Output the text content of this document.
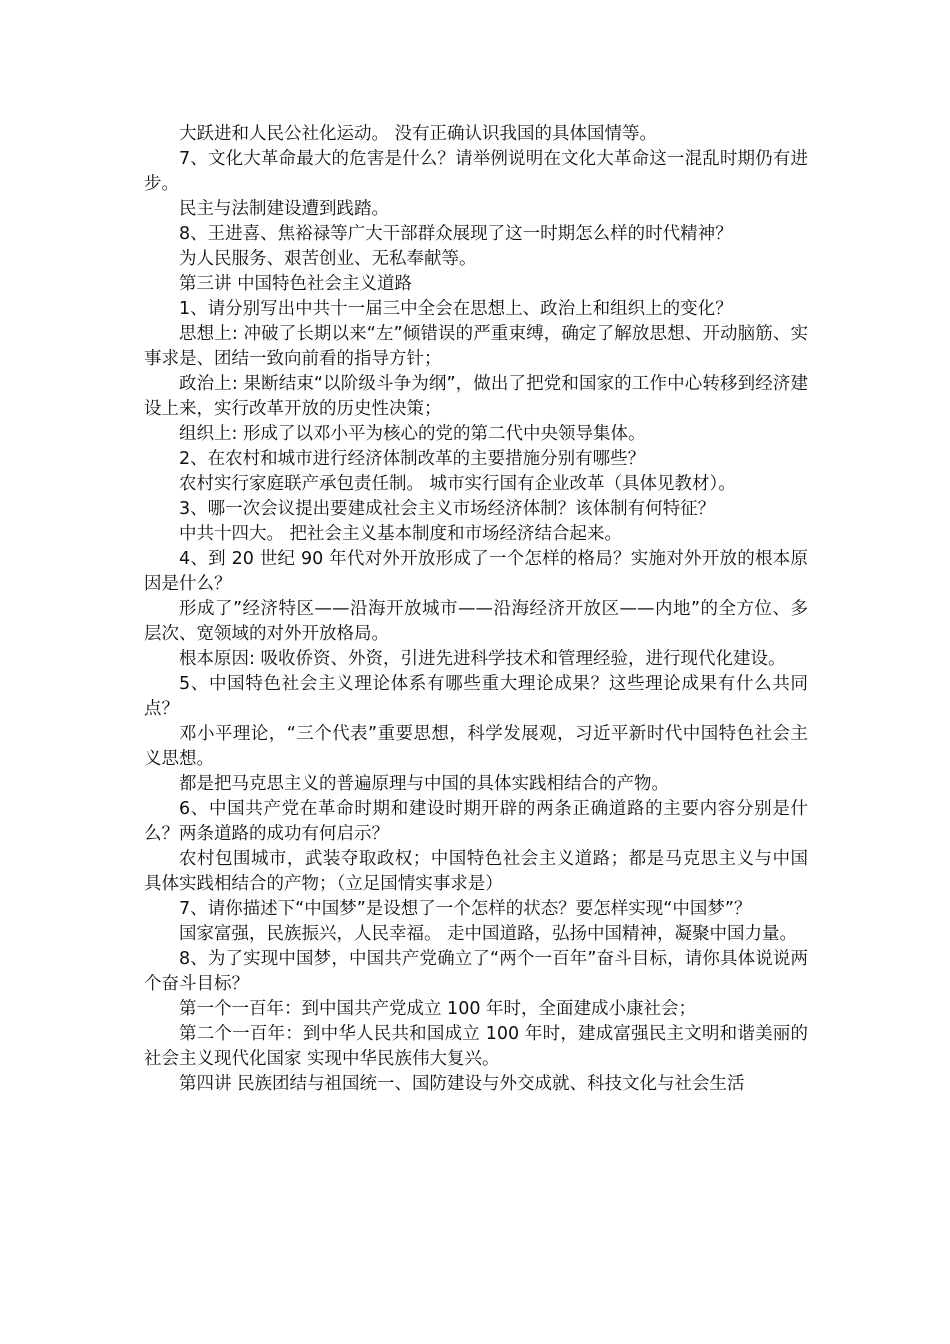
大跃进和人民公社化运动。 没有正确认识我国的具体国情等。

7、文化大革命最大的危害是什么？请举例说明在文化大革命这一混乱时期仍有进步。

民主与法制建设遭到践踏。

8、王进喜、焦裕禄等广大干部群众展现了这一时期怎么样的时代精神？

为人民服务、艰苦创业、无私奉献等。

第三讲 中国特色社会主义道路

1、请分别写出中共十一届三中全会在思想上、政治上和组织上的变化？

思想上: 冲破了长期以来“左”倾错误的严重束缚，确定了解放思想、开动脑筋、实事求是、团结一致向前看的指导方针；

政治上: 果断结束“以阶级斗争为纲”，做出了把党和国家的工作中心转移到经济建设上来，实行改革开放的历史性决策；

组织上: 形成了以邓小平为核心的党的第二代中央领导集体。

2、在农村和城市进行经济体制改革的主要措施分别有哪些？

农村实行家庭联产承包责任制。 城市实行国有企业改革（具体见教材）。

3、哪一次会议提出要建成社会主义市场经济体制？该体制有何特征？

中共十四大。 把社会主义基本制度和市场经济结合起来。

4、到 20 世纪 90 年代对外开放形成了一个怎样的格局？实施对外开放的根本原因是什么？

形成了”经济特区——沿海开放城市——沿海经济开放区——内地”的全方位、多层次、宽领域的对外开放格局。

根本原因: 吸收侨资、外资，引进先进科学技术和管理经验，进行现代化建设。

5、中国特色社会主义理论体系有哪些重大理论成果？这些理论成果有什么共同点？

邓小平理论，“三个代表”重要思想，科学发展观，习近平新时代中国特色社会主义思想。

都是把马克思主义的普遍原理与中国的具体实践相结合的产物。

6、中国共产党在革命时期和建设时期开辟的两条正确道路的主要内容分别是什么？两条道路的成功有何启示？

农村包围城市，武装夺取政权；中国特色社会主义道路；都是马克思主义与中国具体实践相结合的产物；（立足国情实事求是）

7、请你描述下“中国梦”是设想了一个怎样的状态？要怎样实现“中国梦”？

国家富强，民族振兴，人民幸福。 走中国道路，弘扬中国精神，凝聚中国力量。

8、为了实现中国梦，中国共产党确立了“两个一百年”奋斗目标，请你具体说说两个奋斗目标？

第一个一百年：到中国共产党成立 100 年时，全面建成小康社会；

第二个一百年：到中华人民共和国成立 100 年时，建成富强民主文明和谐美丽的社会主义现代化国家 实现中华民族伟大复兴。

第四讲 民族团结与祖国统一、国防建设与外交成就、科技文化与社会生活
